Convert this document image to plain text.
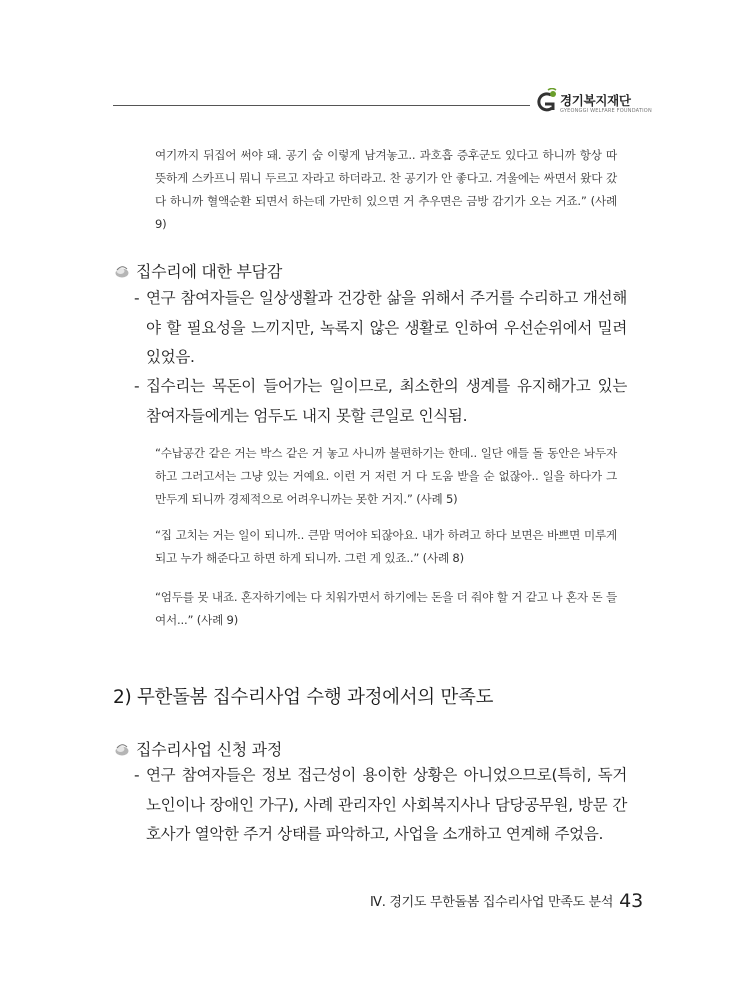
경기복지재단
GYEONGGI WELFARE FOUNDATION

여기까지 뒤집어 써야 돼. 공기 숨 이렇게 남겨놓고.. 과호흡 증후군도 있다고 하니까 항상 따뜻하게 스카프니 뭐니 두르고 자라고 하더라고. 찬 공기가 안 좋다고. 겨울에는 싸면서 왔다 갔다 하니까 혈액순환 되면서 하는데 가만히 있으면 거 추우면은 금방 감기가 오는 거죠.” (사례 9)

집수리에 대한 부담감
- 연구 참여자들은 일상생활과 건강한 삶을 위해서 주거를 수리하고 개선해야 할 필요성을 느끼지만, 녹록지 않은 생활로 인하여 우선순위에서 밀려 있었음.

- 집수리는 목돈이 들어가는 일이므로, 최소한의 생계를 유지해가고 있는 참여자들에게는 엄두도 내지 못할 큰일로 인식됨.

“수납공간 같은 거는 박스 같은 거 놓고 사니까 불편하기는 한데.. 일단 애들 돌 동안은 놔두자 하고 그러고서는 그냥 있는 거예요. 이런 거 저런 거 다 도움 받을 순 없잖아.. 일을 하다가 그만두게 되니까 경제적으로 어려우니까는 못한 거지.” (사례 5)

“집 고치는 거는 일이 되니까.. 큰맘 먹어야 되잖아요. 내가 하려고 하다 보면은 바쁘면 미루게 되고 누가 해준다고 하면 하게 되니까. 그런 게 있죠..” (사례 8)

“엄두를 못 내죠. 혼자하기에는 다 치워가면서 하기에는 돈을 더 줘야 할 거 같고 나 혼자 돈 들여서...” (사례 9)

2) 무한돌봄 집수리사업 수행 과정에서의 만족도
집수리사업 신청 과정
- 연구 참여자들은 정보 접근성이 용이한 상황은 아니었으므로(특히, 독거노인이나 장애인 가구), 사례 관리자인 사회복지사나 담당공무원, 방문 간호사가 열악한 주거 상태를 파악하고, 사업을 소개하고 연계해 주었음.

Ⅳ. 경기도 무한돌봄 집수리사업 만족도 분석 43
